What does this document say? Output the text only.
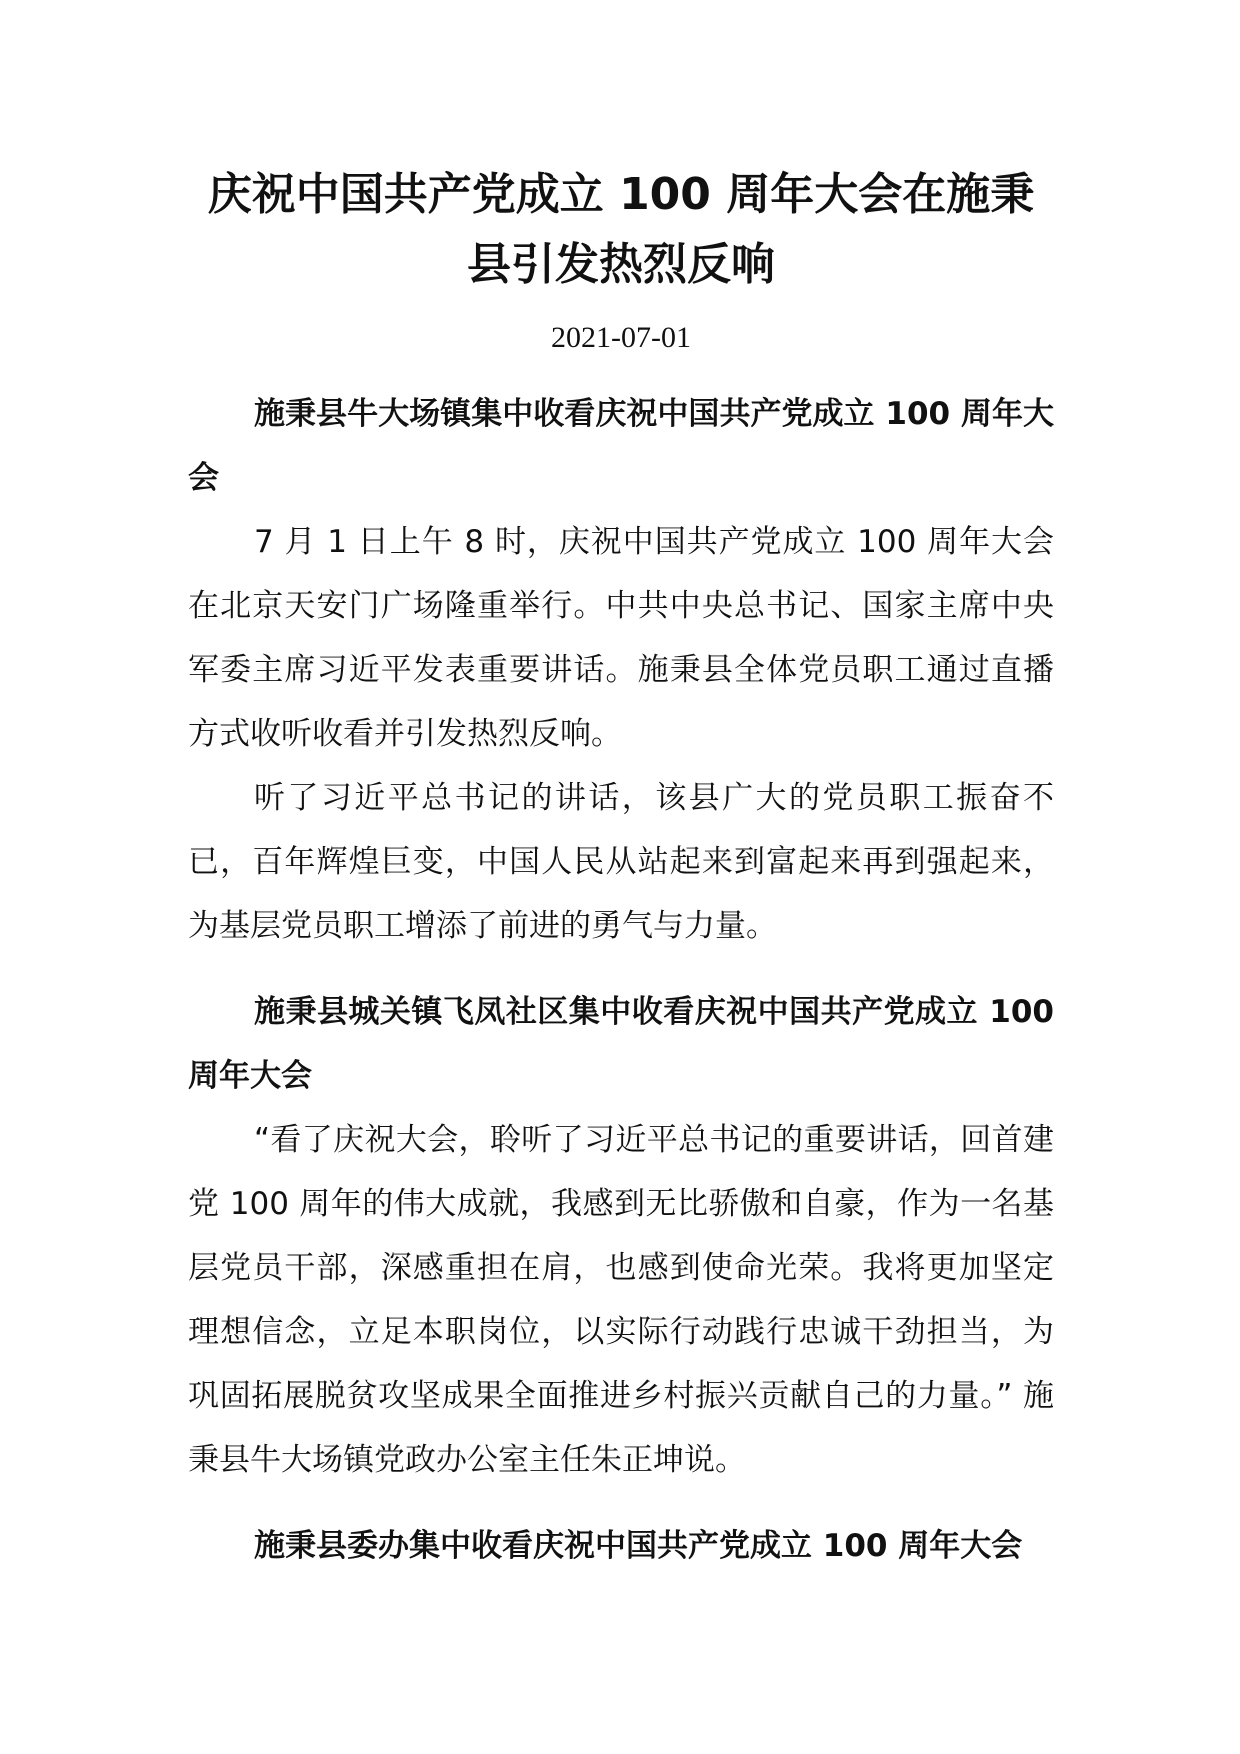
庆祝中国共产党成立 100 周年大会在施秉
县引发热烈反响
2021-07-01
施秉县牛大场镇集中收看庆祝中国共产党成立 100 周年大会

7 月 1 日上午 8 时，庆祝中国共产党成立 100 周年大会在北京天安门广场隆重举行。中共中央总书记、国家主席中央军委主席习近平发表重要讲话。施秉县全体党员职工通过直播方式收听收看并引发热烈反响。

听了习近平总书记的讲话，该县广大的党员职工振奋不已，百年辉煌巨变，中国人民从站起来到富起来再到强起来，为基层党员职工增添了前进的勇气与力量。

施秉县城关镇飞凤社区集中收看庆祝中国共产党成立 100 周年大会

“看了庆祝大会，聆听了习近平总书记的重要讲话，回首建党 100 周年的伟大成就，我感到无比骄傲和自豪，作为一名基层党员干部，深感重担在肩，也感到使命光荣。我将更加坚定理想信念，立足本职岗位，以实际行动践行忠诚干劲担当，为巩固拓展脱贫攻坚成果全面推进乡村振兴贡献自己的力量。” 施秉县牛大场镇党政办公室主任朱正坤说。

施秉县委办集中收看庆祝中国共产党成立 100 周年大会
